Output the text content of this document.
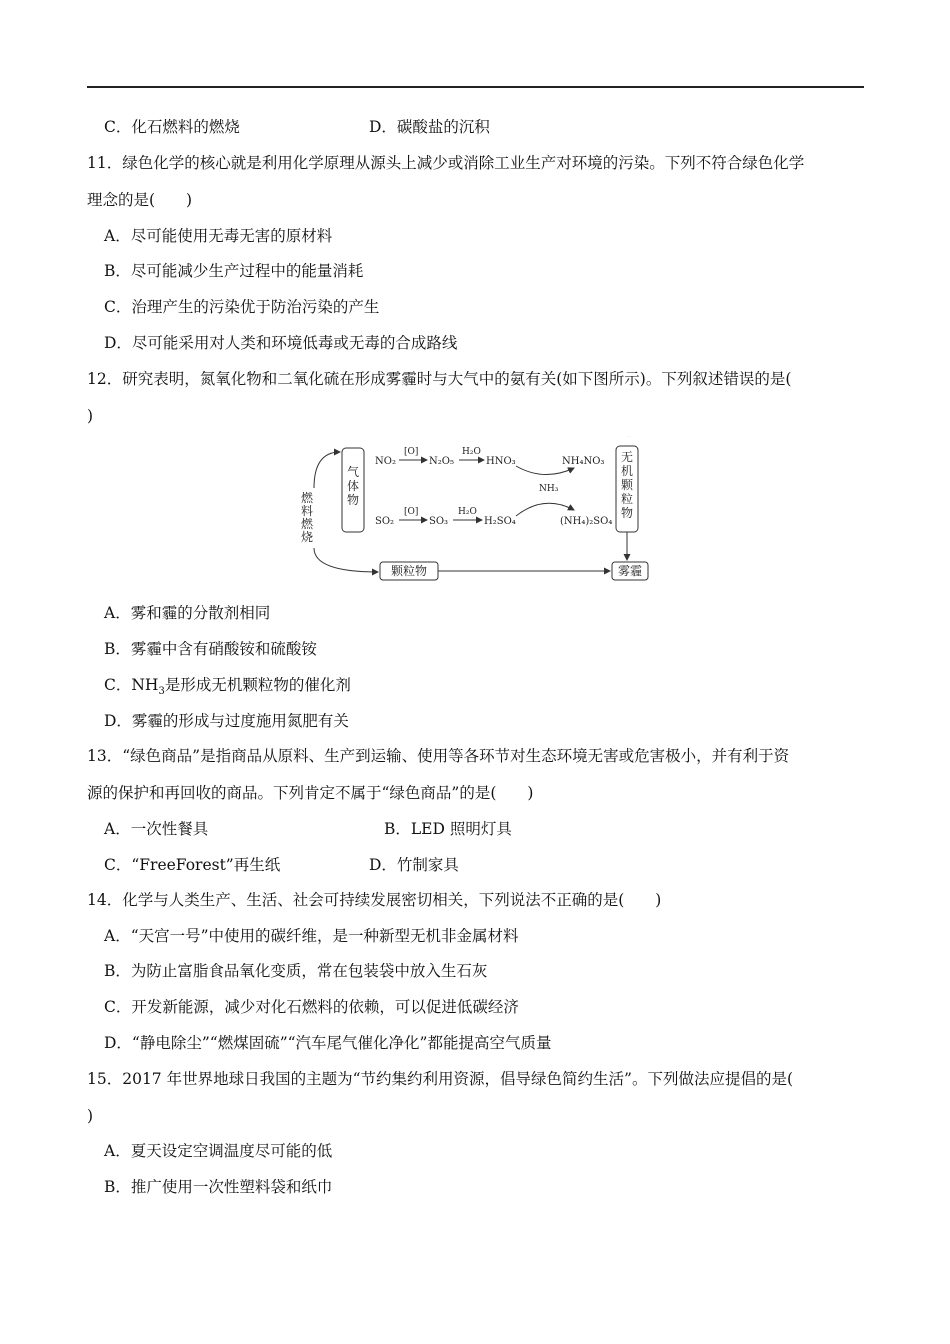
C．化石燃料的燃烧	D．碳酸盐的沉积
11．绿色化学的核心就是利用化学原理从源头上减少或消除工业生产对环境的污染。下列不符合绿色化学
理念的是(　　)
A．尽可能使用无毒无害的原材料
B．尽可能减少生产过程中的能量消耗
C．治理产生的污染优于防治污染的产生
D．尽可能采用对人类和环境低毒或无毒的合成路线
12．研究表明，氮氧化物和二氧化硫在形成雾霾时与大气中的氨有关(如下图所示)。下列叙述错误的是(
)
燃
料
燃
烧
气
体
物
NO₂
[O]
N₂O₅
H₂O
HNO₃	NH₄NO₃
NH₃
SO₂
[O]
SO₃
H₂O
H₂SO₄	(NH₄)₂SO₄
无
机
颗
粒
物
颗粒物	雾霾
气体物	无机颗粒物
A．雾和霾的分散剂相同
B．雾霾中含有硝酸铵和硫酸铵
C．$NH_3$是形成无机颗粒物的催化剂
D．雾霾的形成与过度施用氮肥有关
13．“绿色商品”是指商品从原料、生产到运输、使用等各环节对生态环境无害或危害极小，并有利于资
源的保护和再回收的商品。下列肯定不属于“绿色商品”的是(　　)
A．一次性餐具	B．LED 照明灯具
C．“FreeForest”再生纸	D．竹制家具
14．化学与人类生产、生活、社会可持续发展密切相关，下列说法不正确的是(　　)
A．“天宫一号”中使用的碳纤维，是一种新型无机非金属材料
B．为防止富脂食品氧化变质，常在包装袋中放入生石灰
C．开发新能源，减少对化石燃料的依赖，可以促进低碳经济
D．“静电除尘”“燃煤固硫”“汽车尾气催化净化”都能提高空气质量
15．2017 年世界地球日我国的主题为“节约集约利用资源，倡导绿色简约生活”。下列做法应提倡的是(
)
A．夏天设定空调温度尽可能的低
B．推广使用一次性塑料袋和纸巾
